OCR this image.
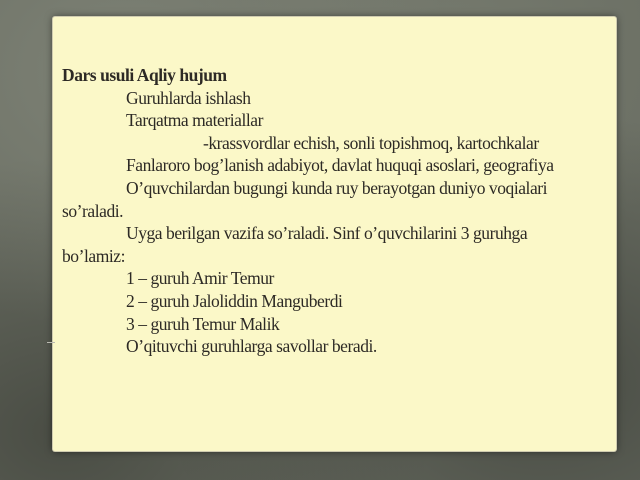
Dars usuli Aqliy hujum
Guruhlarda ishlash
Tarqatma materiallar
-krassvordlar echish, sonli topishmoq, kartochkalar
Fanlaroro bog’lanish adabiyot, davlat huquqi asoslari, geografiya
O’quvchilardan bugungi kunda ruy berayotgan duniyo voqialari
so’raladi.
Uyga berilgan vazifa so’raladi. Sinf o’quvchilarini 3 guruhga
bo’lamiz:
1 – guruh Amir Temur
2 – guruh Jaloliddin Manguberdi
3 – guruh Temur Malik
O’qituvchi guruhlarga savollar beradi.
